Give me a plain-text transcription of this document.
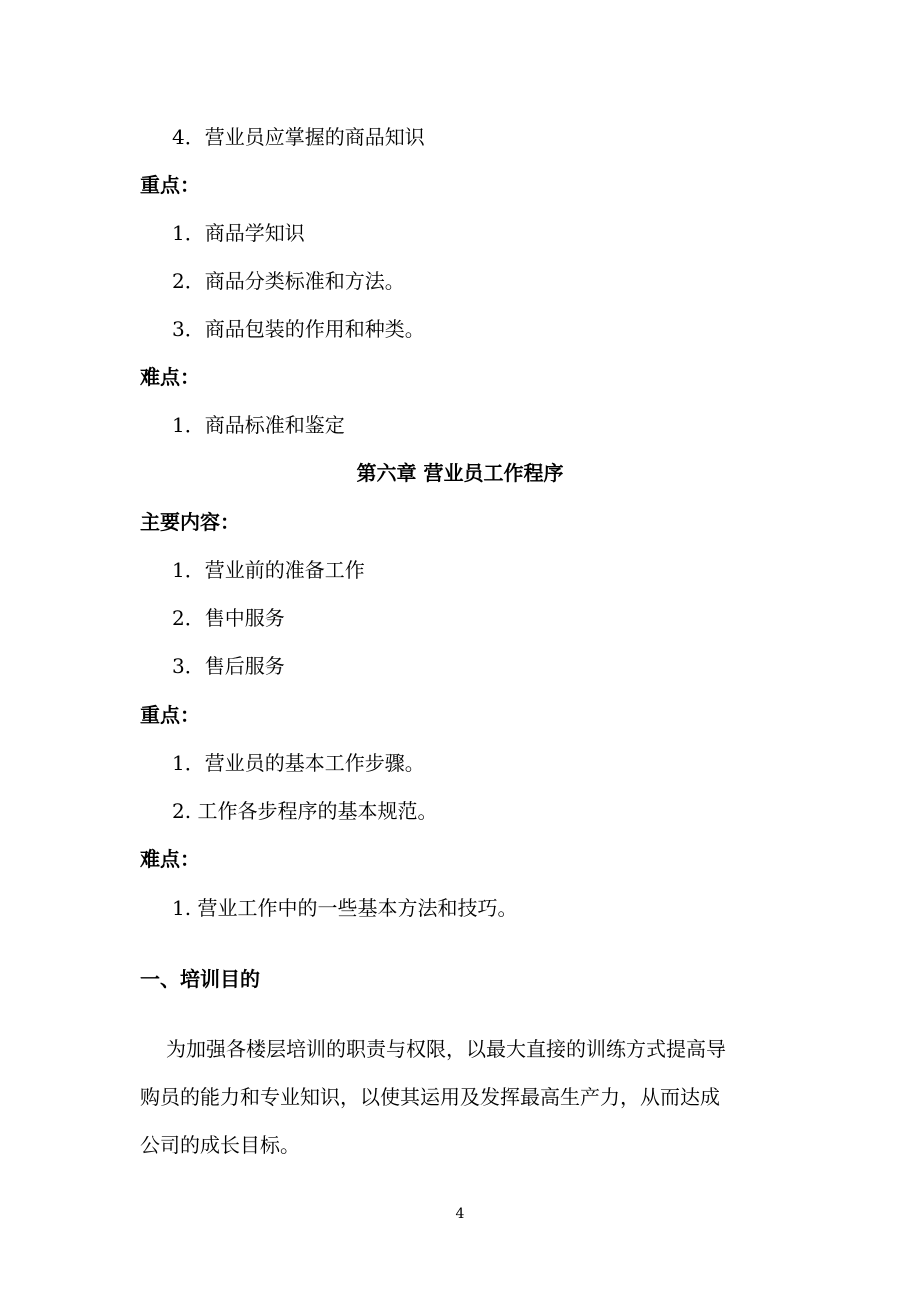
4．营业员应掌握的商品知识
重点：
1．商品学知识
2．商品分类标准和方法。
3．商品包装的作用和种类。
难点：
1．商品标准和鉴定
第六章 营业员工作程序
主要内容：
1．营业前的准备工作
2．售中服务
3．售后服务
重点：
1．营业员的基本工作步骤。
2. 工作各步程序的基本规范。
难点：
1. 营业工作中的一些基本方法和技巧。
一、培训目的
为加强各楼层培训的职责与权限，以最大直接的训练方式提高导
购员的能力和专业知识，以使其运用及发挥最高生产力，从而达成
公司的成长目标。
4
